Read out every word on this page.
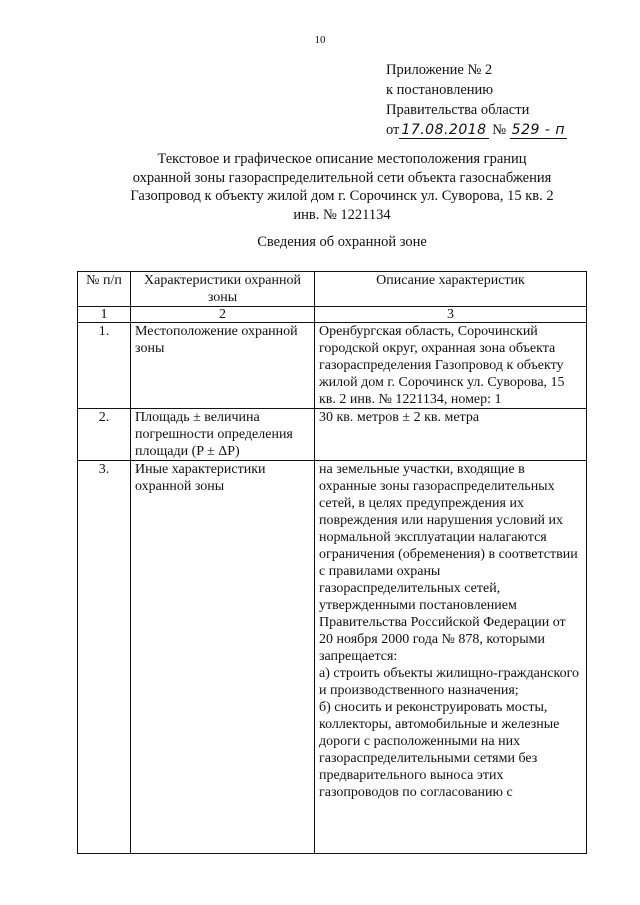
10
Приложение № 2
к постановлению
Правительства области
от 17.08.2018 № 529 - п
Текстовое и графическое описание местоположения границ
охранной зоны газораспределительной сети объекта газоснабжения
Газопровод к объекту жилой дом г. Сорочинск ул. Суворова, 15 кв. 2
инв. № 1221134
Сведения об охранной зоне
№ п/п	Характеристики охранной зоны	Описание характеристик
1	2	3
1.	Местоположение охранной зоны	Оренбургская область, Сорочинский городской округ, охранная зона объекта газораспределения Газопровод к объекту жилой дом г. Сорочинск ул. Суворова, 15 кв. 2 инв. № 1221134, номер: 1
2.	Площадь ± величина погрешности определения площади (P ± ΔP)	30 кв. метров ± 2 кв. метра
3.	Иные характеристики охранной зоны	на земельные участки, входящие в охранные зоны газораспределительных сетей, в целях предупреждения их повреждения или нарушения условий их нормальной эксплуатации налагаются ограничения (обременения) в соответствии с правилами охраны газораспределительных сетей, утвержденными постановлением Правительства Российской Федерации от 20 ноября 2000 года № 878, которыми запрещается:
а) строить объекты жилищно-гражданского и производственного назначения;
б) сносить и реконструировать мосты, коллекторы, автомобильные и железные дороги с расположенными на них газораспределительными сетями без предварительного выноса этих газопроводов по согласованию с
